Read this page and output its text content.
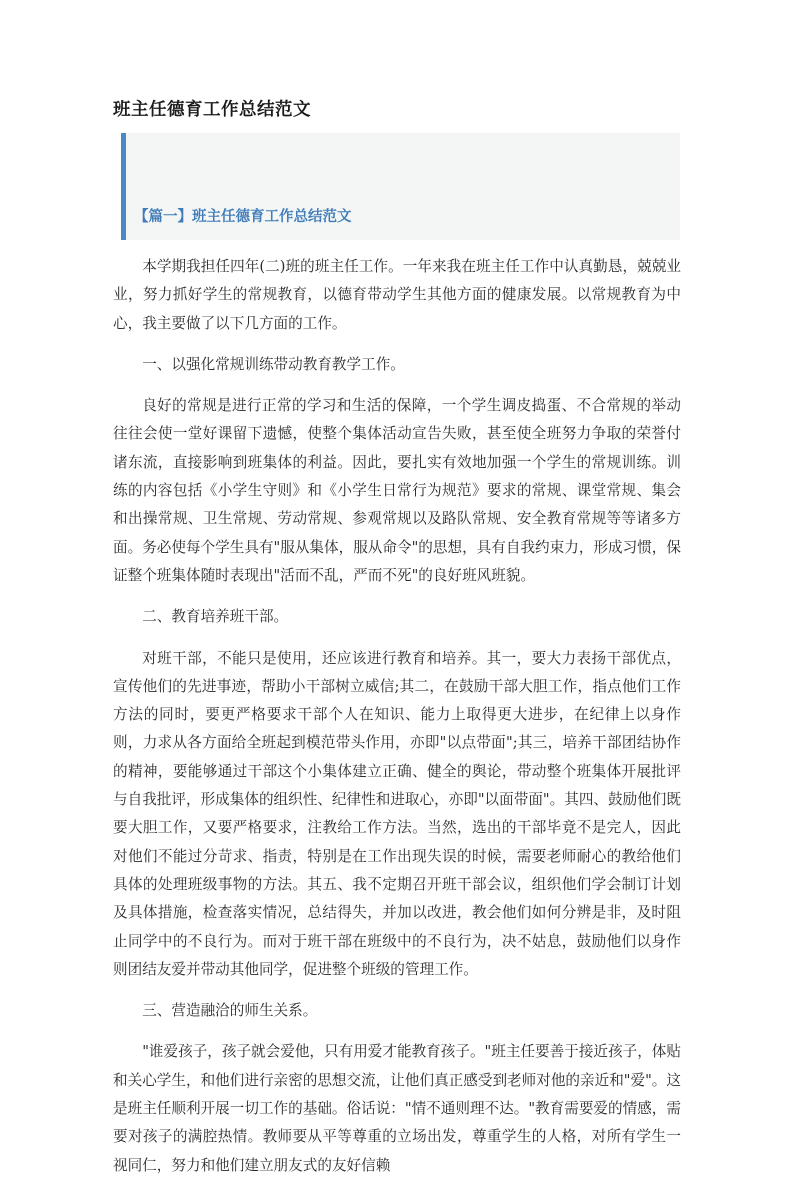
班主任德育工作总结范文
【篇一】班主任德育工作总结范文

本学期我担任四年(二)班的班主任工作。一年来我在班主任工作中认真勤恳，兢兢业业，努力抓好学生的常规教育，以德育带动学生其他方面的健康发展。以常规教育为中心，我主要做了以下几方面的工作。

一、以强化常规训练带动教育教学工作。

良好的常规是进行正常的学习和生活的保障，一个学生调皮捣蛋、不合常规的举动往往会使一堂好课留下遗憾，使整个集体活动宣告失败，甚至使全班努力争取的荣誉付诸东流，直接影响到班集体的利益。因此，要扎实有效地加强一个学生的常规训练。训练的内容包括《小学生守则》和《小学生日常行为规范》要求的常规、课堂常规、集会和出操常规、卫生常规、劳动常规、参观常规以及路队常规、安全教育常规等等诸多方面。务必使每个学生具有"服从集体，服从命令"的思想，具有自我约束力，形成习惯，保证整个班集体随时表现出"活而不乱，严而不死"的良好班风班貌。

二、教育培养班干部。

对班干部，不能只是使用，还应该进行教育和培养。其一，要大力表扬干部优点，宣传他们的先进事迹，帮助小干部树立威信;其二，在鼓励干部大胆工作，指点他们工作方法的同时，要更严格要求干部个人在知识、能力上取得更大进步，在纪律上以身作则，力求从各方面给全班起到模范带头作用，亦即"以点带面";其三，培养干部团结协作的精神，要能够通过干部这个小集体建立正确、健全的舆论，带动整个班集体开展批评与自我批评，形成集体的组织性、纪律性和进取心，亦即"以面带面"。其四、鼓励他们既要大胆工作，又要严格要求，注教给工作方法。当然，选出的干部毕竟不是完人，因此对他们不能过分苛求、指责，特别是在工作出现失误的时候，需要老师耐心的教给他们具体的处理班级事物的方法。其五、我不定期召开班干部会议，组织他们学会制订计划及具体措施，检查落实情况，总结得失，并加以改进，教会他们如何分辨是非，及时阻止同学中的不良行为。而对于班干部在班级中的不良行为，决不姑息，鼓励他们以身作则团结友爱并带动其他同学，促进整个班级的管理工作。

三、营造融洽的师生关系。

"谁爱孩子，孩子就会爱他，只有用爱才能教育孩子。"班主任要善于接近孩子，体贴和关心学生，和他们进行亲密的思想交流，让他们真正感受到老师对他的亲近和"爱"。这是班主任顺利开展一切工作的基础。俗话说："情不通则理不达。"教育需要爱的情感，需要对孩子的满腔热情。教师要从平等尊重的立场出发，尊重学生的人格，对所有学生一视同仁，努力和他们建立朋友式的友好信赖
